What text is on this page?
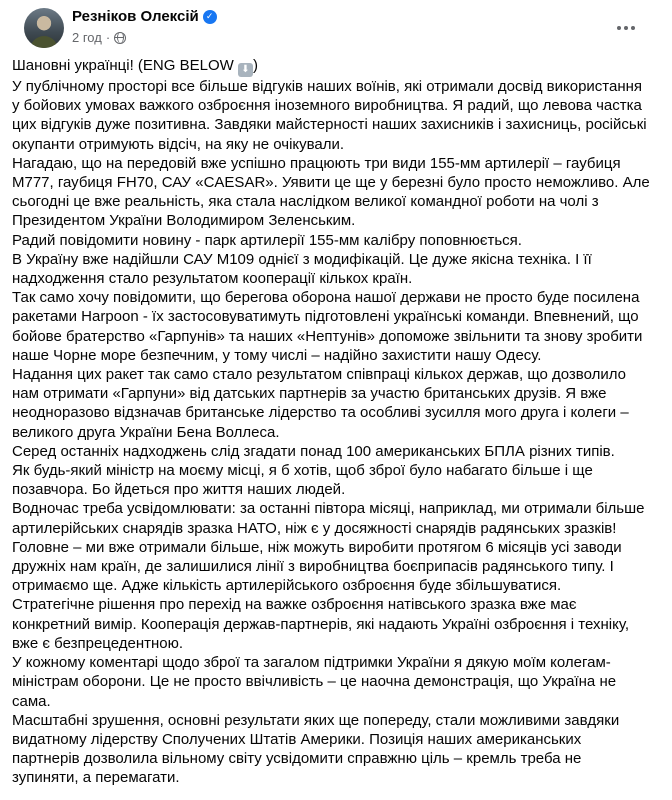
Резніков Олексій ✓
2 год ·

Шановні українці! (ENG BELOW ⬇ )

У публічному просторі все більше відгуків наших воїнів, які отримали досвід використання у бойових умовах важкого озброєння іноземного виробництва. Я радий, що левова частка цих відгуків дуже позитивна. Завдяки майстерності наших захисників і захисниць, російські окупанти отримують відсіч, на яку не очікували.

Нагадаю, що на передовій вже успішно працюють три види 155-мм артилерії – гаубиця M777, гаубиця FH70, САУ «CAESAR». Уявити це ще у березні було просто неможливо. Але сьогодні це вже реальність, яка стала наслідком великої командної роботи на чолі з Президентом України Володимиром Зеленським.

Радий повідомити новину - парк артилерії 155-мм калібру поповнюється.

В Україну вже надійшли САУ М109 однієї з модифікацій. Це дуже якісна техніка. І її надходження стало результатом кооперації кількох країн.

Так само хочу повідомити, що берегова оборона нашої держави не просто буде посилена ракетами Harpoon - їх застосовуватимуть підготовлені українські команди. Впевнений, що бойове братерство «Гарпунів» та наших «Нептунів» допоможе звільнити та знову зробити наше Чорне море безпечним, у тому числі – надійно захистити нашу Одесу.

Надання цих ракет так само стало результатом співпраці кількох держав, що дозволило нам отримати «Гарпуни» від датських партнерів за участю британських друзів. Я вже неодноразово відзначав британське лідерство та особливі зусилля мого друга і колеги – великого друга України Бена Воллеса.

Серед останніх надходжень слід згадати понад 100 американських БПЛА різних типів.

Як будь-який міністр на моєму місці, я б хотів, щоб зброї було набагато більше і ще позавчора. Бо йдеться про життя наших людей.

Водночас треба усвідомлювати: за останні півтора місяці, наприклад, ми отримали більше артилерійських снарядів зразка НАТО, ніж є у досяжності снарядів радянських зразків!

Головне – ми вже отримали більше, ніж можуть виробити протягом 6 місяців усі заводи дружніх нам країн, де залишилися лінії з виробництва боєприпасів радянського типу. І отримаємо ще. Адже кількість артилерійського озброєння буде збільшуватися.

Стратегічне рішення про перехід на важке озброєння натівського зразка вже має конкретний вимір. Кооперація держав-партнерів, які надають Україні озброєння і техніку, вже є безпрецедентною.

У кожному коментарі щодо зброї та загалом підтримки України я дякую моїм колегам-міністрам оборони. Це не просто ввічливість – це наочна демонстрація, що Україна не сама.

Масштабні зрушення, основні результати яких ще попереду, стали можливими завдяки видатному лідерству Сполучених Штатів Америки. Позиція наших американських партнерів дозволила вільному світу усвідомити справжню ціль – кремль треба не зупиняти, а перемагати.
